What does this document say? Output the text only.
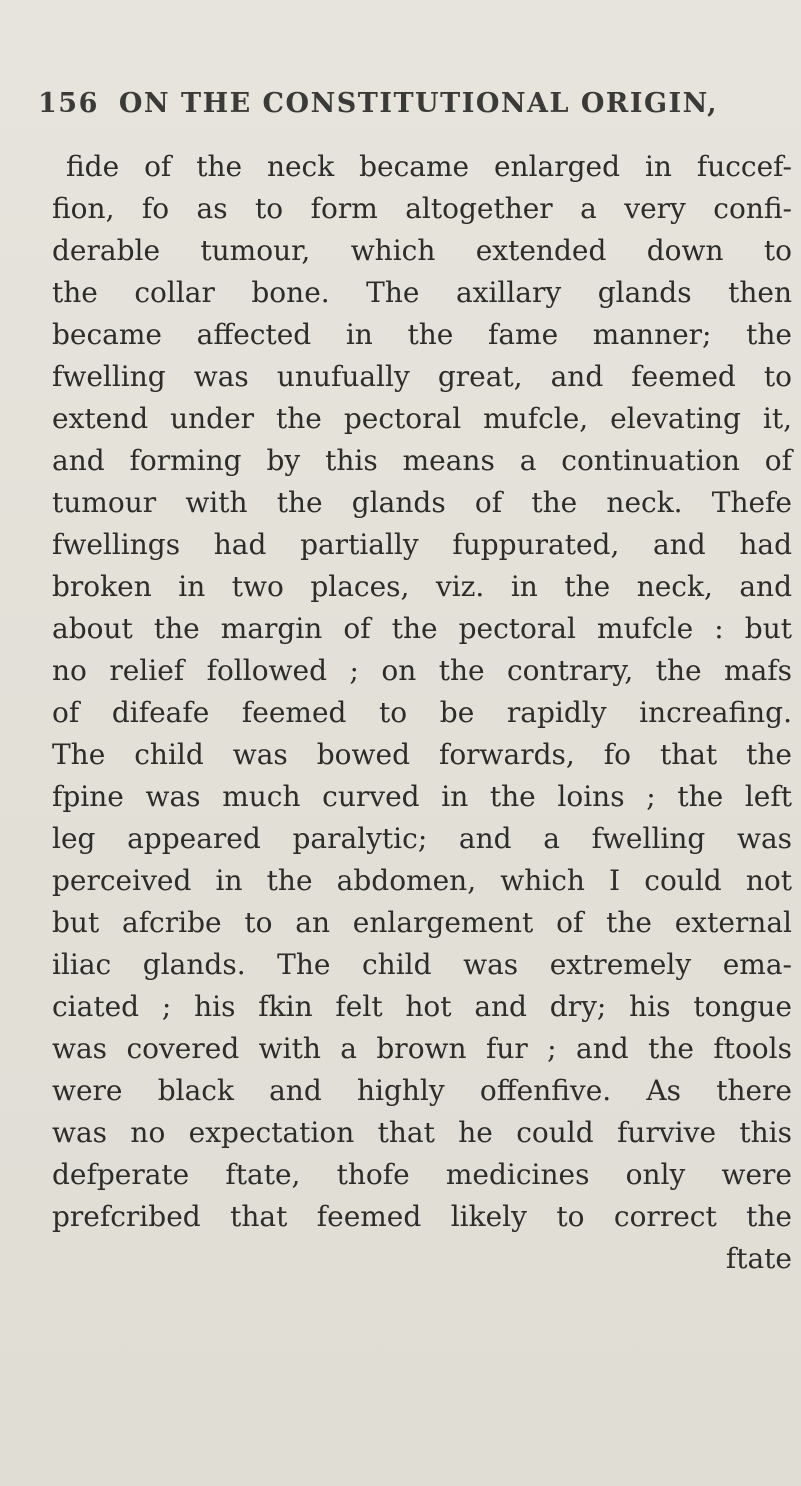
156 ON THE CONSTITUTIONAL ORIGIN,
fide of the neck became enlarged in fuccef-
fion, fo as to form altogether a very confi-
derable tumour, which extended down to
the collar bone. The axillary glands then
became affected in the fame manner; the
fwelling was unufually great, and feemed to
extend under the pectoral mufcle, elevating it,
and forming by this means a continuation of
tumour with the glands of the neck. Thefe
fwellings had partially fuppurated, and had
broken in two places, viz. in the neck, and
about the margin of the pectoral mufcle : but
no relief followed ; on the contrary, the mafs
of difeafe feemed to be rapidly increafing.
The child was bowed forwards, fo that the
fpine was much curved in the loins ; the left
leg appeared paralytic; and a fwelling was
perceived in the abdomen, which I could not
but afcribe to an enlargement of the external
iliac glands. The child was extremely ema-
ciated ; his fkin felt hot and dry; his tongue
was covered with a brown fur ; and the ftools
were black and highly offenfive. As there
was no expectation that he could furvive this
defperate ftate, thofe medicines only were
prefcribed that feemed likely to correct the
ftate
